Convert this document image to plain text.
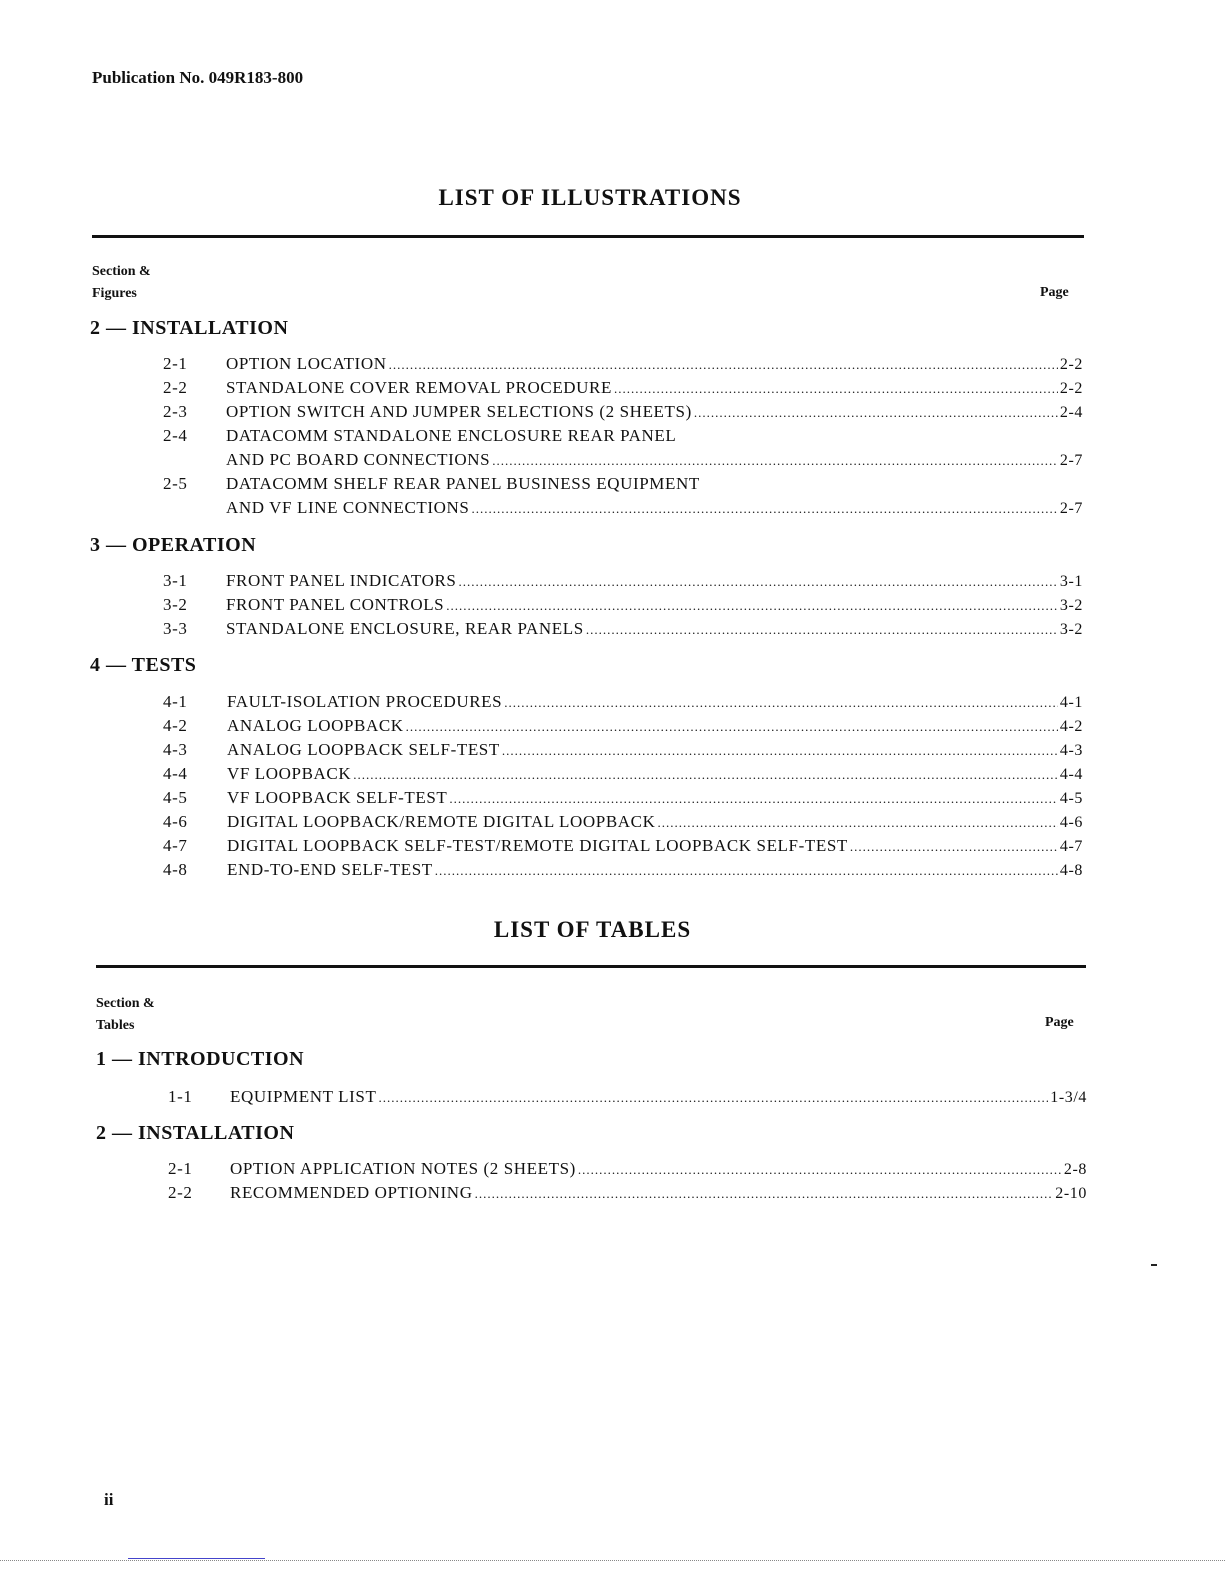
Publication No. 049R183-800
LIST OF ILLUSTRATIONS
Section &
Figures	Page
2 — INSTALLATION
2-1 OPTION LOCATION .....	2-2
2-2 STANDALONE COVER REMOVAL PROCEDURE .....	2-2
2-3 OPTION SWITCH AND JUMPER SELECTIONS (2 SHEETS) .....	2-4
2-4 DATACOMM STANDALONE ENCLOSURE REAR PANEL
AND PC BOARD CONNECTIONS .....	2-7
2-5 DATACOMM SHELF REAR PANEL BUSINESS EQUIPMENT
AND VF LINE CONNECTIONS .....	2-7
3 — OPERATION
3-1 FRONT PANEL INDICATORS .....	3-1
3-2 FRONT PANEL CONTROLS .....	3-2
3-3 STANDALONE ENCLOSURE, REAR PANELS .....	3-2
4 — TESTS
4-1 FAULT-ISOLATION PROCEDURES .....	4-1
4-2 ANALOG LOOPBACK .....	4-2
4-3 ANALOG LOOPBACK SELF-TEST .....	4-3
4-4 VF LOOPBACK .....	4-4
4-5 VF LOOPBACK SELF-TEST .....	4-5
4-6 DIGITAL LOOPBACK/REMOTE DIGITAL LOOPBACK .....	4-6
4-7 DIGITAL LOOPBACK SELF-TEST/REMOTE DIGITAL LOOPBACK SELF-TEST .....	4-7
4-8 END-TO-END SELF-TEST .....	4-8
LIST OF TABLES
Section &
Tables	Page
1 — INTRODUCTION
1-1 EQUIPMENT LIST .....	1-3/4
2 — INSTALLATION
2-1 OPTION APPLICATION NOTES (2 SHEETS) .....	2-8
2-2 RECOMMENDED OPTIONING .....	2-10
ii
